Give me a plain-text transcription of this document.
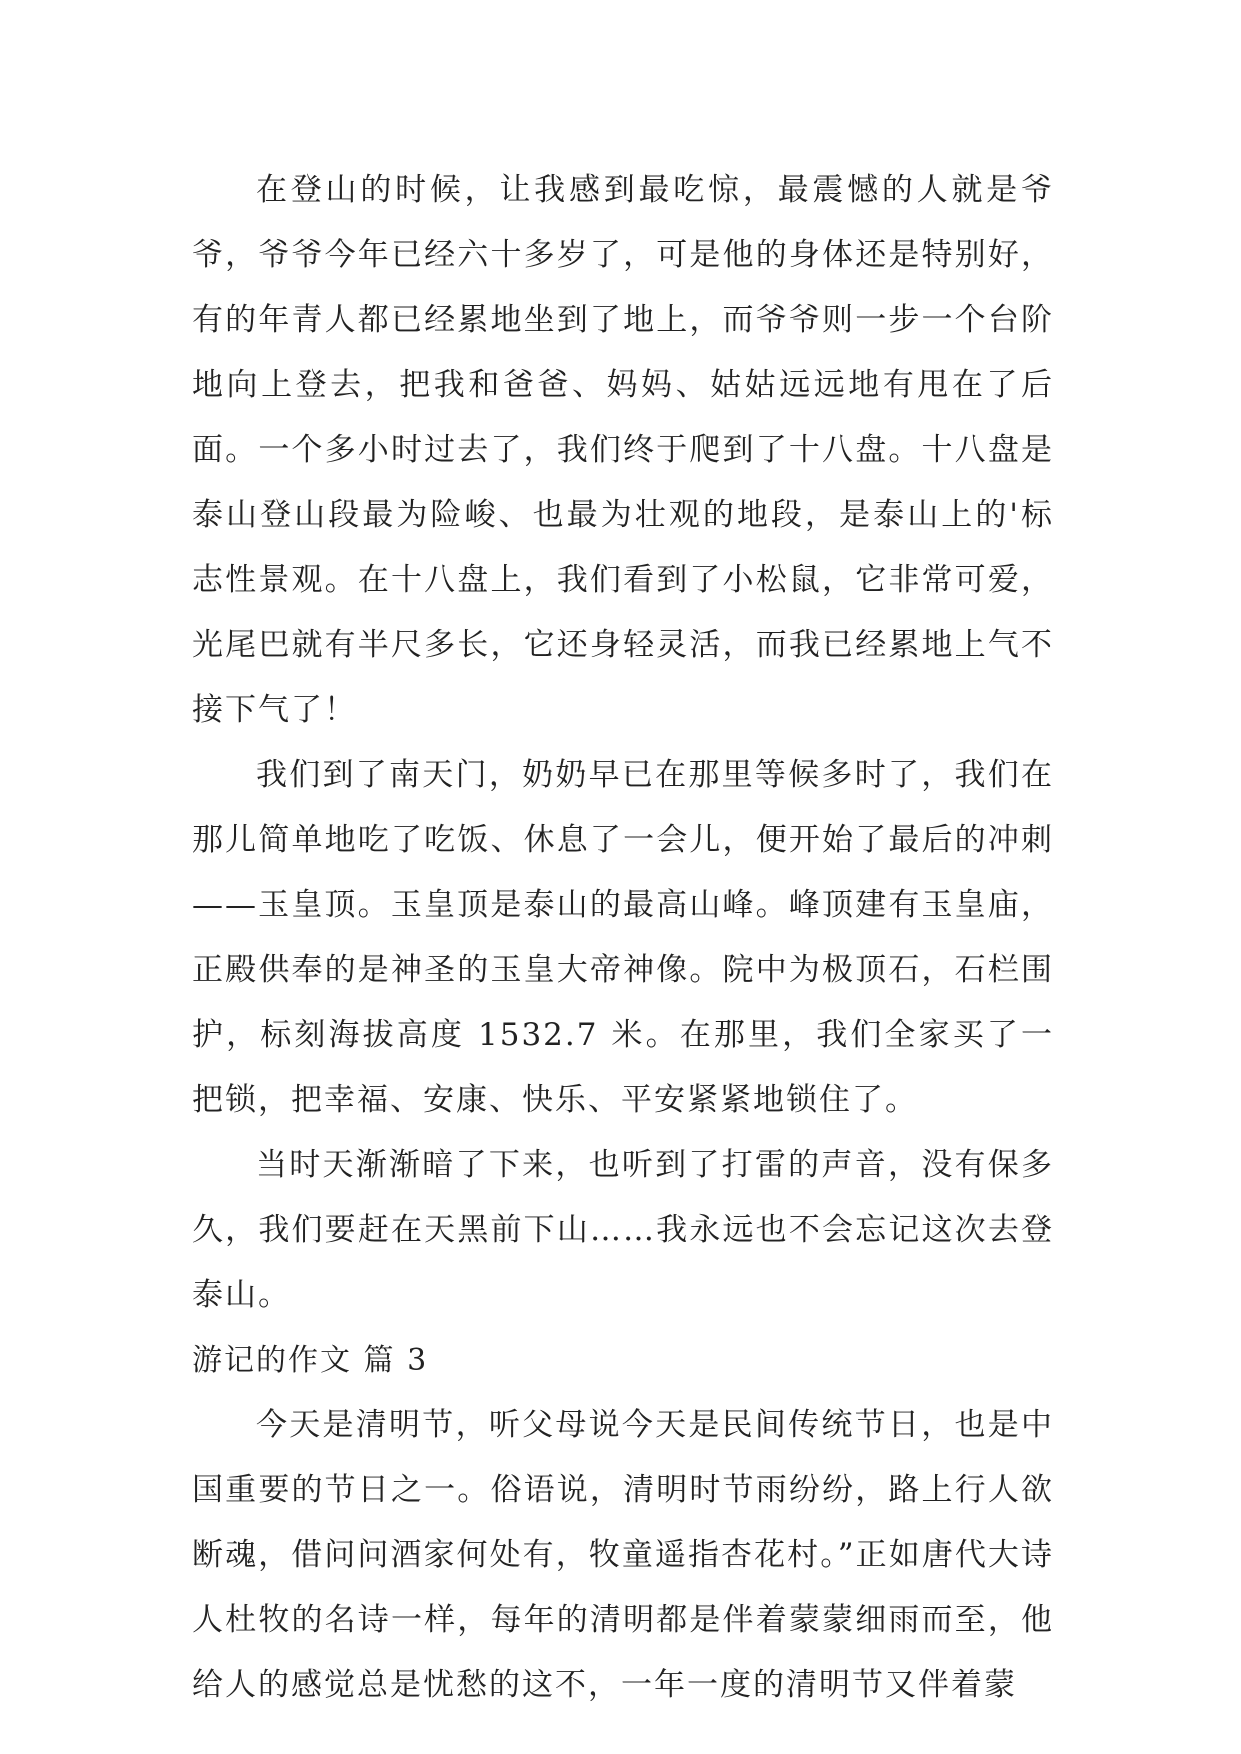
在登山的时候，让我感到最吃惊，最震憾的人就是爷爷，爷爷今年已经六十多岁了，可是他的身体还是特别好，有的年青人都已经累地坐到了地上，而爷爷则一步一个台阶地向上登去，把我和爸爸、妈妈、姑姑远远地有甩在了后面。一个多小时过去了，我们终于爬到了十八盘。十八盘是泰山登山段最为险峻、也最为壮观的地段，是泰山上的'标志性景观。在十八盘上，我们看到了小松鼠，它非常可爱，光尾巴就有半尺多长，它还身轻灵活，而我已经累地上气不接下气了！

我们到了南天门，奶奶早已在那里等候多时了，我们在那儿简单地吃了吃饭、休息了一会儿，便开始了最后的冲刺——玉皇顶。玉皇顶是泰山的最高山峰。峰顶建有玉皇庙，正殿供奉的是神圣的玉皇大帝神像。院中为极顶石，石栏围护，标刻海拔高度 1532.7 米。在那里，我们全家买了一把锁，把幸福、安康、快乐、平安紧紧地锁住了。

当时天渐渐暗了下来，也听到了打雷的声音，没有保多久，我们要赶在天黑前下山……我永远也不会忘记这次去登泰山。

游记的作文 篇 3

今天是清明节，听父母说今天是民间传统节日，也是中国重要的节日之一。俗语说，清明时节雨纷纷，路上行人欲断魂，借问问酒家何处有，牧童遥指杏花村。”正如唐代大诗人杜牧的名诗一样，每年的清明都是伴着蒙蒙细雨而至，他给人的感觉总是忧愁的这不，一年一度的清明节又伴着蒙
